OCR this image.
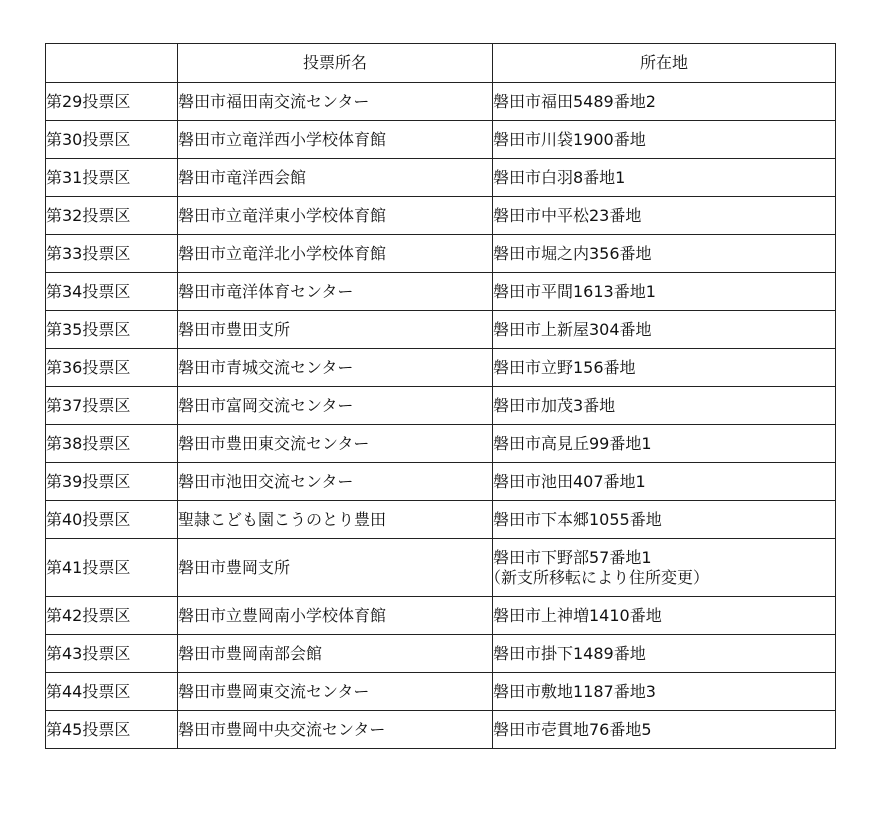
	投票所名	所在地
第29投票区	磐田市福田南交流センター	磐田市福田5489番地2

第30投票区	磐田市立竜洋西小学校体育館	磐田市川袋1900番地

第31投票区	磐田市竜洋西会館	磐田市白羽8番地1

第32投票区	磐田市立竜洋東小学校体育館	磐田市中平松23番地

第33投票区	磐田市立竜洋北小学校体育館	磐田市堀之内356番地

第34投票区	磐田市竜洋体育センター	磐田市平間1613番地1

第35投票区	磐田市豊田支所	磐田市上新屋304番地

第36投票区	磐田市青城交流センター	磐田市立野156番地

第37投票区	磐田市富岡交流センター	磐田市加茂3番地

第38投票区	磐田市豊田東交流センター	磐田市高見丘99番地1

第39投票区	磐田市池田交流センター	磐田市池田407番地1

第40投票区	聖隷こども園こうのとり豊田	磐田市下本郷1055番地

第41投票区	磐田市豊岡支所	磐田市下野部57番地1
（新支所移転により住所変更）

第42投票区	磐田市立豊岡南小学校体育館	磐田市上神増1410番地

第43投票区	磐田市豊岡南部会館	磐田市掛下1489番地

第44投票区	磐田市豊岡東交流センター	磐田市敷地1187番地3

第45投票区	磐田市豊岡中央交流センター	磐田市壱貫地76番地5
